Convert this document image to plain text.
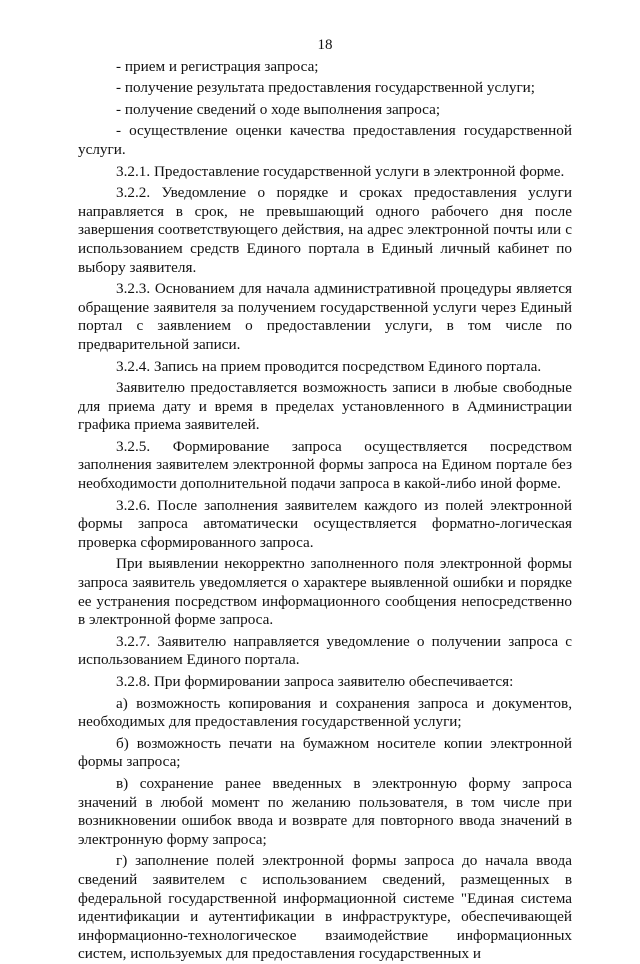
18

- прием и регистрация запроса;

- получение результата предоставления государственной услуги;

- получение сведений о ходе выполнения запроса;

- осуществление оценки качества предоставления государственной услуги.

3.2.1. Предоставление государственной услуги в электронной форме.

3.2.2. Уведомление о порядке и сроках предоставления услуги направляется в срок, не превышающий одного рабочего дня после завершения соответствующего действия, на адрес электронной почты или с использованием средств Единого портала в Единый личный кабинет по выбору заявителя.

3.2.3. Основанием для начала административной процедуры является обращение заявителя за получением государственной услуги через Единый портал с заявлением о предоставлении услуги, в том числе по предварительной записи.

3.2.4. Запись на прием проводится посредством Единого портала.

Заявителю предоставляется возможность записи в любые свободные для приема дату и время в пределах установленного в Администрации графика приема заявителей.

3.2.5. Формирование запроса осуществляется посредством заполнения заявителем электронной формы запроса на Едином портале без необходимости дополнительной подачи запроса в какой-либо иной форме.

3.2.6. После заполнения заявителем каждого из полей электронной формы запроса автоматически осуществляется форматно-логическая проверка сформированного запроса.

При выявлении некорректно заполненного поля электронной формы запроса заявитель уведомляется о характере выявленной ошибки и порядке ее устранения посредством информационного сообщения непосредственно в электронной форме запроса.

3.2.7. Заявителю направляется уведомление о получении запроса с использованием Единого портала.

3.2.8. При формировании запроса заявителю обеспечивается:

а) возможность копирования и сохранения запроса и документов, необходимых для предоставления государственной услуги;

б) возможность печати на бумажном носителе копии электронной формы запроса;

в) сохранение ранее введенных в электронную форму запроса значений в любой момент по желанию пользователя, в том числе при возникновении ошибок ввода и возврате для повторного ввода значений в электронную форму запроса;

г) заполнение полей электронной формы запроса до начала ввода сведений заявителем с использованием сведений, размещенных в федеральной государственной информационной системе "Единая система идентификации и аутентификации в инфраструктуре, обеспечивающей информационно-технологическое взаимодействие информационных систем, используемых для предоставления государственных и
